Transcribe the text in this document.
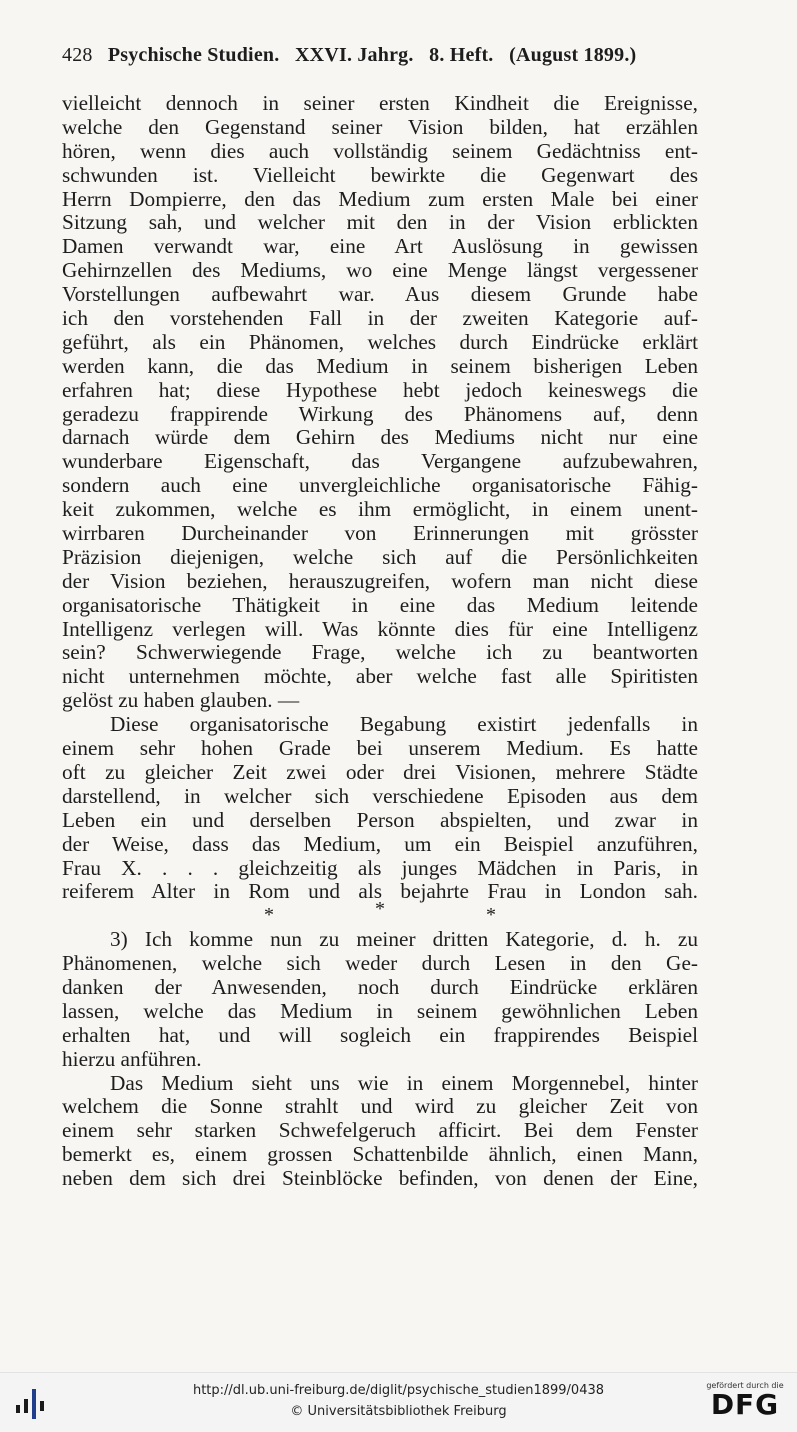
428 Psychische Studien. XXVI. Jahrg. 8. Heft. (August 1899.)
vielleicht dennoch in seiner ersten Kindheit die Ereignisse,
welche den Gegenstand seiner Vision bilden, hat erzählen
hören, wenn dies auch vollständig seinem Gedächtniss ent-
schwunden ist. Vielleicht bewirkte die Gegenwart des
Herrn Dompierre, den das Medium zum ersten Male bei einer
Sitzung sah, und welcher mit den in der Vision erblickten
Damen verwandt war, eine Art Auslösung in gewissen
Gehirnzellen des Mediums, wo eine Menge längst vergessener
Vorstellungen aufbewahrt war. Aus diesem Grunde habe
ich den vorstehenden Fall in der zweiten Kategorie auf-
geführt, als ein Phänomen, welches durch Eindrücke erklärt
werden kann, die das Medium in seinem bisherigen Leben
erfahren hat; diese Hypothese hebt jedoch keineswegs die
geradezu frappirende Wirkung des Phänomens auf, denn
darnach würde dem Gehirn des Mediums nicht nur eine
wunderbare Eigenschaft, das Vergangene aufzubewahren,
sondern auch eine unvergleichliche organisatorische Fähig-
keit zukommen, welche es ihm ermöglicht, in einem unent-
wirrbaren Durcheinander von Erinnerungen mit grösster
Präzision diejenigen, welche sich auf die Persönlichkeiten
der Vision beziehen, herauszugreifen, wofern man nicht diese
organisatorische Thätigkeit in eine das Medium leitende
Intelligenz verlegen will. Was könnte dies für eine Intelligenz
sein? Schwerwiegende Frage, welche ich zu beantworten
nicht unternehmen möchte, aber welche fast alle Spiritisten
gelöst zu haben glauben. —
Diese organisatorische Begabung existirt jedenfalls in
einem sehr hohen Grade bei unserem Medium. Es hatte
oft zu gleicher Zeit zwei oder drei Visionen, mehrere Städte
darstellend, in welcher sich verschiedene Episoden aus dem
Leben ein und derselben Person abspielten, und zwar in
der Weise, dass das Medium, um ein Beispiel anzuführen,
Frau X. . . . gleichzeitig als junges Mädchen in Paris, in
reiferem Alter in Rom und als bejahrte Frau in London sah.
*	*	*
3) Ich komme nun zu meiner dritten Kategorie, d. h. zu
Phänomenen, welche sich weder durch Lesen in den Ge-
danken der Anwesenden, noch durch Eindrücke erklären
lassen, welche das Medium in seinem gewöhnlichen Leben
erhalten hat, und will sogleich ein frappirendes Beispiel
hierzu anführen.
Das Medium sieht uns wie in einem Morgennebel, hinter
welchem die Sonne strahlt und wird zu gleicher Zeit von
einem sehr starken Schwefelgeruch afficirt. Bei dem Fenster
bemerkt es, einem grossen Schattenbilde ähnlich, einen Mann,
neben dem sich drei Steinblöcke befinden, von denen der Eine,
http://dl.ub.uni-freiburg.de/diglit/psychische_studien1899/0438
© Universitätsbibliothek Freiburg
gefördert durch die
DFG
